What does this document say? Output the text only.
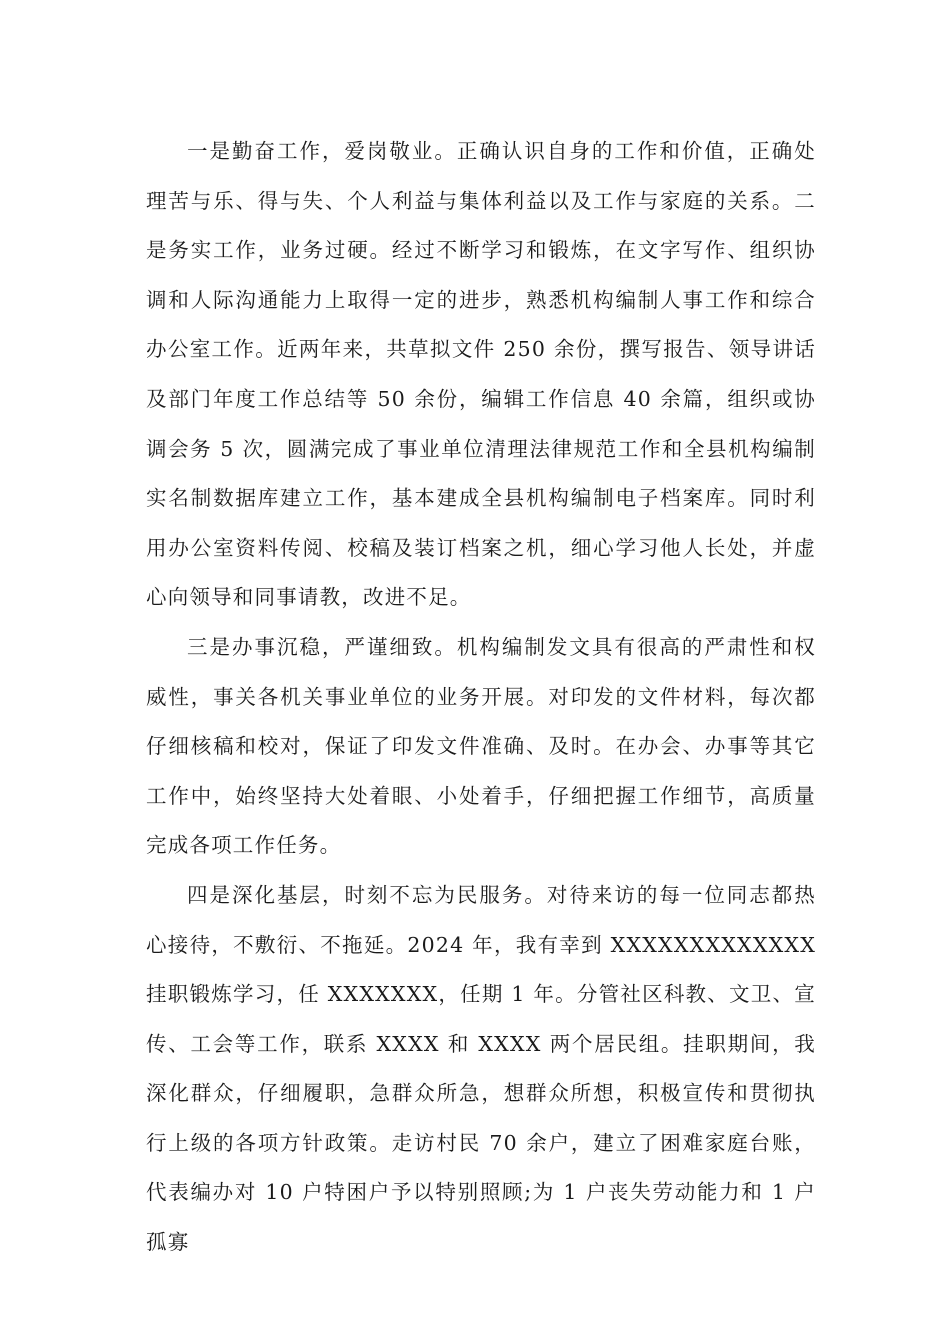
一是勤奋工作，爱岗敬业。正确认识自身的工作和价值，正确处理苦与乐、得与失、个人利益与集体利益以及工作与家庭的关系。二是务实工作，业务过硬。经过不断学习和锻炼，在文字写作、组织协调和人际沟通能力上取得一定的进步，熟悉机构编制人事工作和综合办公室工作。近两年来，共草拟文件 250 余份，撰写报告、领导讲话及部门年度工作总结等 50 余份，编辑工作信息 40 余篇，组织或协调会务 5 次，圆满完成了事业单位清理法律规范工作和全县机构编制实名制数据库建立工作，基本建成全县机构编制电子档案库。同时利用办公室资料传阅、校稿及装订档案之机，细心学习他人长处，并虚心向领导和同事请教，改进不足。

三是办事沉稳，严谨细致。机构编制发文具有很高的严肃性和权威性，事关各机关事业单位的业务开展。对印发的文件材料，每次都仔细核稿和校对，保证了印发文件准确、及时。在办会、办事等其它工作中，始终坚持大处着眼、小处着手，仔细把握工作细节，高质量完成各项工作任务。

四是深化基层，时刻不忘为民服务。对待来访的每一位同志都热心接待，不敷衍、不拖延。2024 年，我有幸到 XXXXXXXXXXXXX 挂职锻炼学习，任 XXXXXXX，任期 1 年。分管社区科教、文卫、宣传、工会等工作，联系 XXXX 和 XXXX 两个居民组。挂职期间，我深化群众，仔细履职，急群众所急，想群众所想，积极宣传和贯彻执行上级的各项方针政策。走访村民 70 余户，建立了困难家庭台账，代表编办对 10 户特困户予以特别照顾;为 1 户丧失劳动能力和 1 户孤寡
